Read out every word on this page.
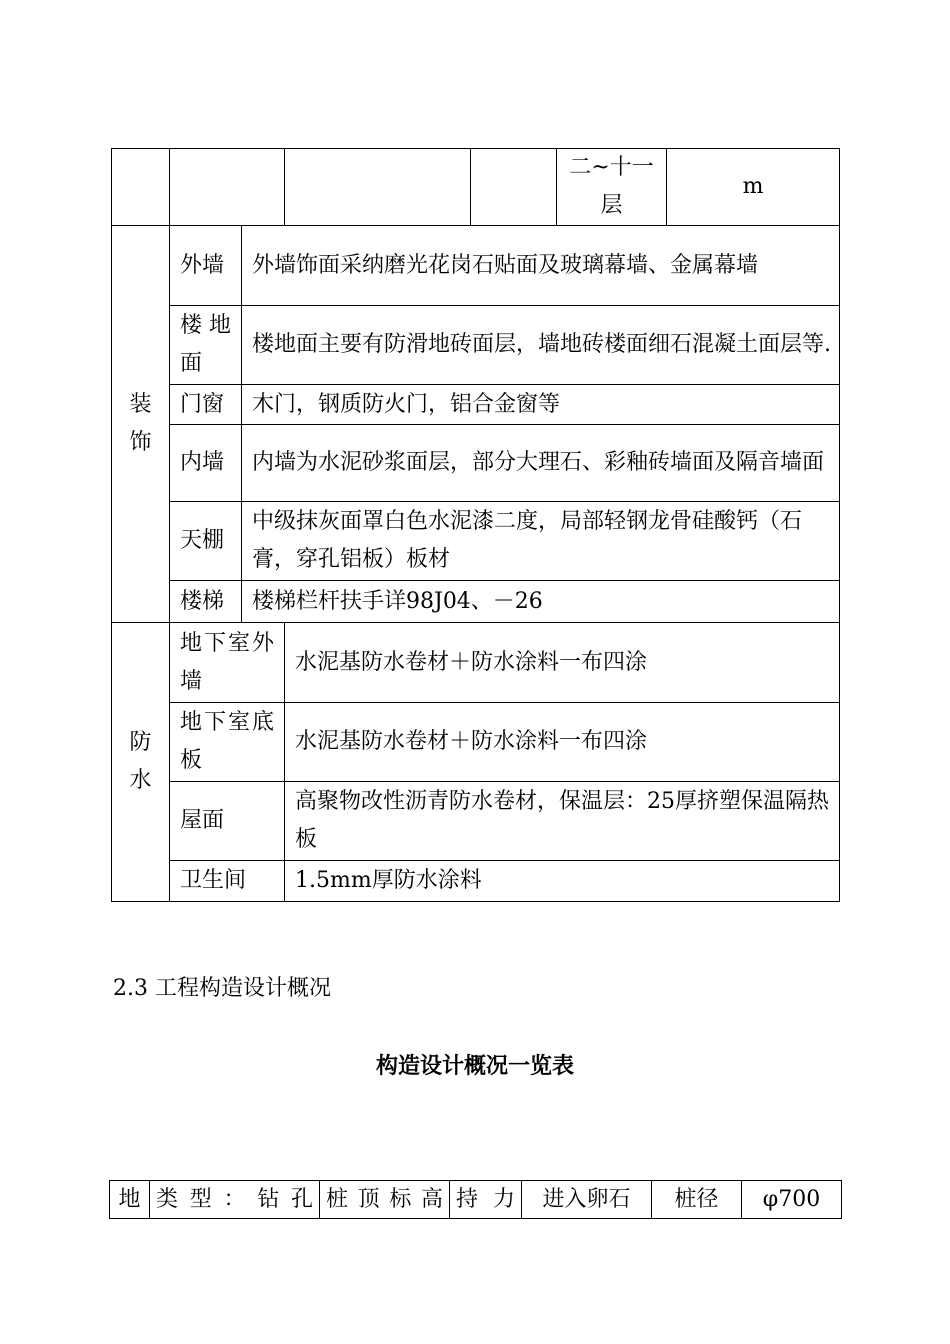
					二~十一层	m
装饰	外墙	外墙饰面采纳磨光花岗石贴面及玻璃幕墙、金属幕墙				
	楼地面	楼地面主要有防滑地砖面层，墙地砖楼面细石混凝土面层等.				
	门窗	木门，钢质防火门，铝合金窗等				
	内墙	内墙为水泥砂浆面层，部分大理石、彩釉砖墙面及隔音墙面				
	天棚	中级抹灰面罩白色水泥漆二度，局部轻钢龙骨硅酸钙（石膏，穿孔铝板）板材				
	楼梯	楼梯栏杆扶手详98J04、－26				
防水	地下室外墙		水泥基防水卷材＋防水涂料一布四涂			
	地下室底板		水泥基防水卷材＋防水涂料一布四涂			
	屋面		高聚物改性沥青防水卷材，保温层：25厚挤塑保温隔热板			
	卫生间		1.5mm厚防水涂料			
2.3 工程构造设计概况
构造设计概况一览表
地	类型：钻孔	桩顶标高	持力	进入卵石	桩径	φ700
